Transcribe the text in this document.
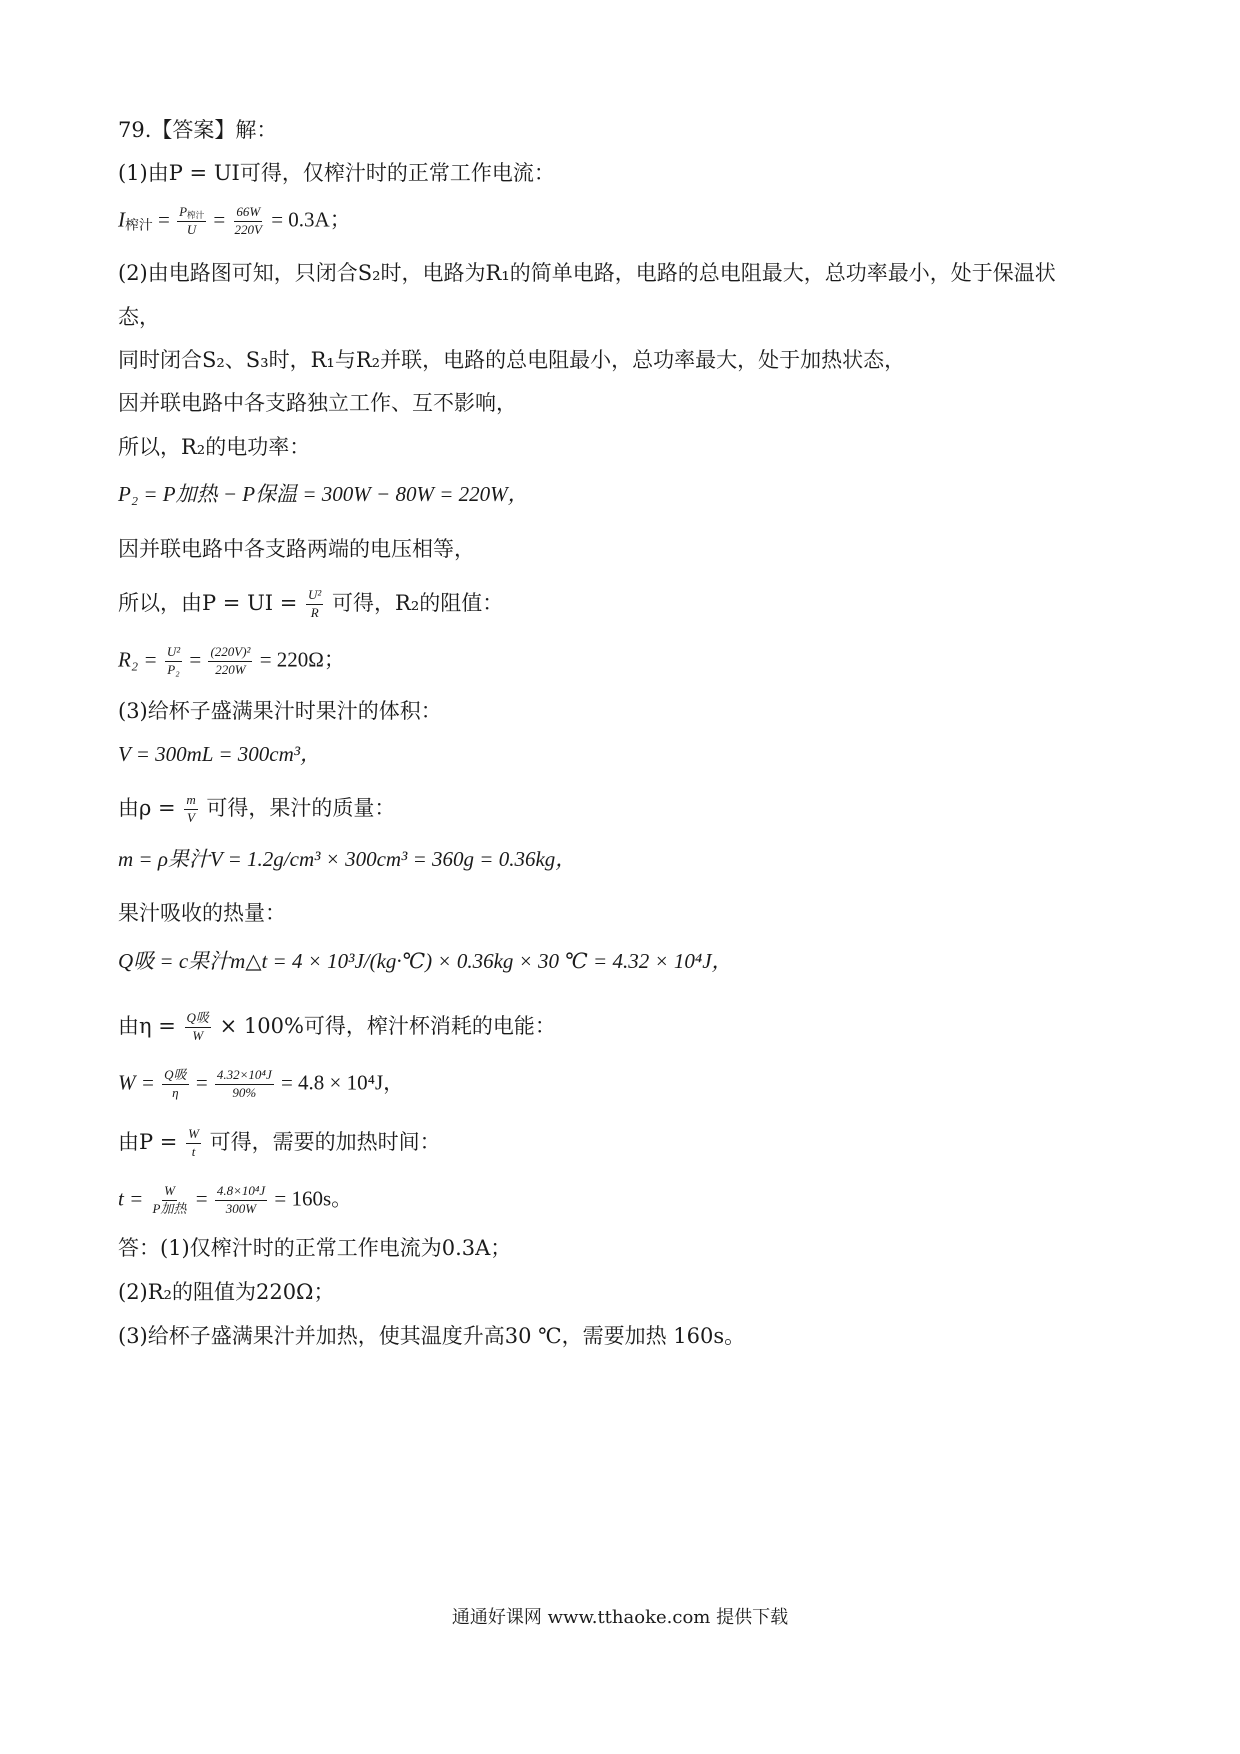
79.【答案】解：
(1)由P = UI可得，仅榨汁时的正常工作电流：
$I_{榨汁} = \frac{P_{榨汁}}{U} = \frac{66W}{220V} = 0.3A$；
(2)由电路图可知，只闭合S₂时，电路为R₁的简单电路，电路的总电阻最大，总功率最小，处于保温状
态，
同时闭合S₂、S₃时，R₁与R₂并联，电路的总电阻最小，总功率最大，处于加热状态，
因并联电路中各支路独立工作、互不影响，
所以，R₂的电功率：
P₂ = P加热 − P保温 = 300W − 80W = 220W，
因并联电路中各支路两端的电压相等，
所以，由P = UI = $\frac{\text{U²}}{R}$ 可得，R₂的阻值：
$R_2 = \frac{\text{U²}}{\text{P₂}} = \frac{\text{(220V)²}}{220W} = 220\Omega$；
(3)给杯子盛满果汁时果汁的体积：
V = 300mL = 300cm³，
由$\rho = \frac{m}{V}$ 可得，果汁的质量：
m = ρ果汁V = 1.2g/cm³ × 300cm³ = 360g = 0.36kg，
果汁吸收的热量：
Q吸 = c果汁m△t = 4 × 10³J/(kg·℃) × 0.36kg × 30 ℃ = 4.32 × 10⁴J，
由$\eta = \frac{\text{Q吸}}{W} \times 100\%$可得，榨汁杯消耗的电能：
$W = \frac{\text{Q吸}}{\eta} = \frac{\text{4.32×10⁴J}}{90\%} = 4.8 \times 10^4J$，
由$P = \frac{W}{t}$ 可得，需要的加热时间：
$t = \frac{W}{\text{P加热}} = \frac{\text{4.8×10⁴J}}{300W} = 160s$。
答：(1)仅榨汁时的正常工作电流为0.3A；
(2)R₂的阻值为220Ω；
(3)给杯子盛满果汁并加热，使其温度升高30 ℃，需要加热 160s。
通通好课网 www.tthaoke.com 提供下载
